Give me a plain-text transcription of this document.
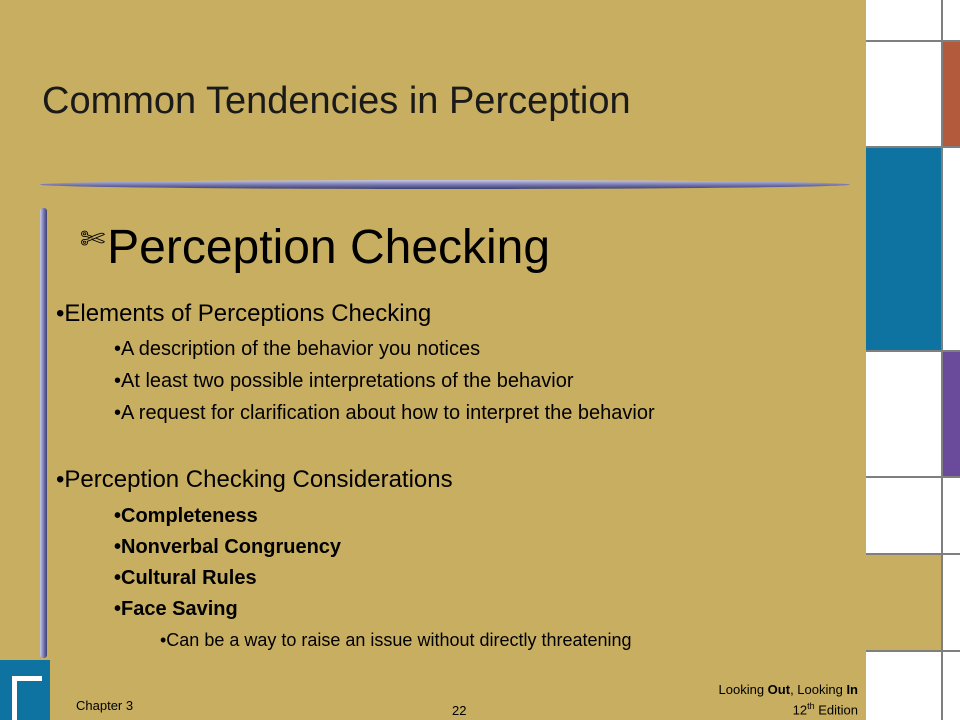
Common Tendencies in Perception
✄ Perception Checking
•Elements of Perceptions Checking
•A description of the behavior you notices
•At least two possible interpretations of the behavior
•A request for clarification about how to interpret the behavior
•Perception Checking Considerations
•Completeness
•Nonverbal Congruency
•Cultural Rules
•Face Saving
•Can be a way to raise an issue without directly threatening
Chapter 3	22
Looking Out, Looking In
12th Edition
